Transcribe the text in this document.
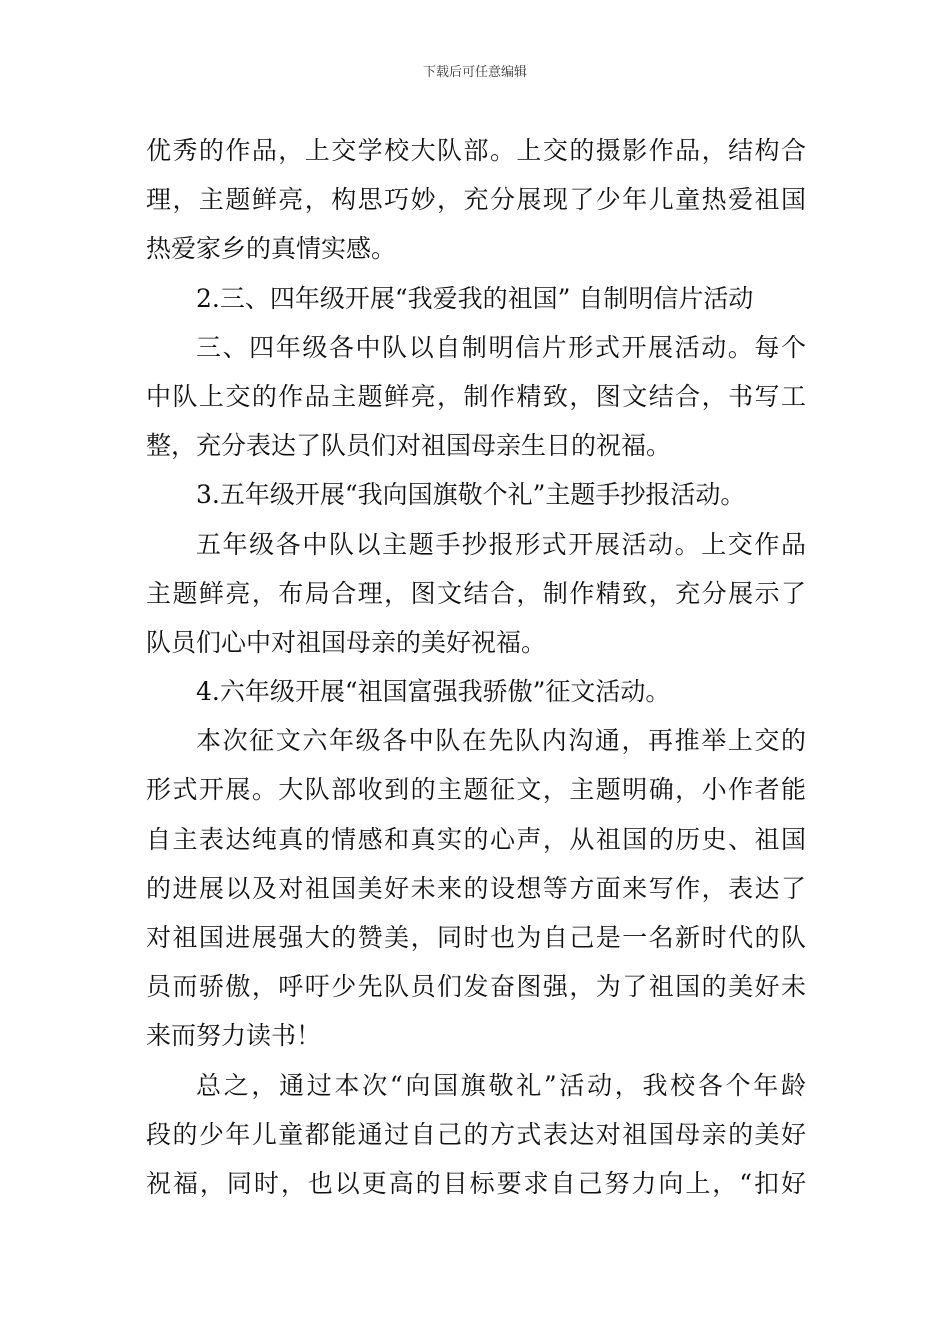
下载后可任意编辑
优秀的作品，上交学校大队部。上交的摄影作品，结构合
理，主题鲜亮，构思巧妙，充分展现了少年儿童热爱祖国
热爱家乡的真情实感。
2.三、四年级开展“我爱我的祖国” 自制明信片活动
三、四年级各中队以自制明信片形式开展活动。每个
中队上交的作品主题鲜亮，制作精致，图文结合，书写工
整，充分表达了队员们对祖国母亲生日的祝福。
3.五年级开展“我向国旗敬个礼”主题手抄报活动。
五年级各中队以主题手抄报形式开展活动。上交作品
主题鲜亮，布局合理，图文结合，制作精致，充分展示了
队员们心中对祖国母亲的美好祝福。
4.六年级开展“祖国富强我骄傲”征文活动。
本次征文六年级各中队在先队内沟通，再推举上交的
形式开展。大队部收到的主题征文，主题明确，小作者能
自主表达纯真的情感和真实的心声，从祖国的历史、祖国
的进展以及对祖国美好未来的设想等方面来写作，表达了
对祖国进展强大的赞美，同时也为自己是一名新时代的队
员而骄傲，呼吁少先队员们发奋图强，为了祖国的美好未
来而努力读书！
总之，通过本次“向国旗敬礼”活动，我校各个年龄
段的少年儿童都能通过自己的方式表达对祖国母亲的美好
祝福，同时，也以更高的目标要求自己努力向上，“扣好
